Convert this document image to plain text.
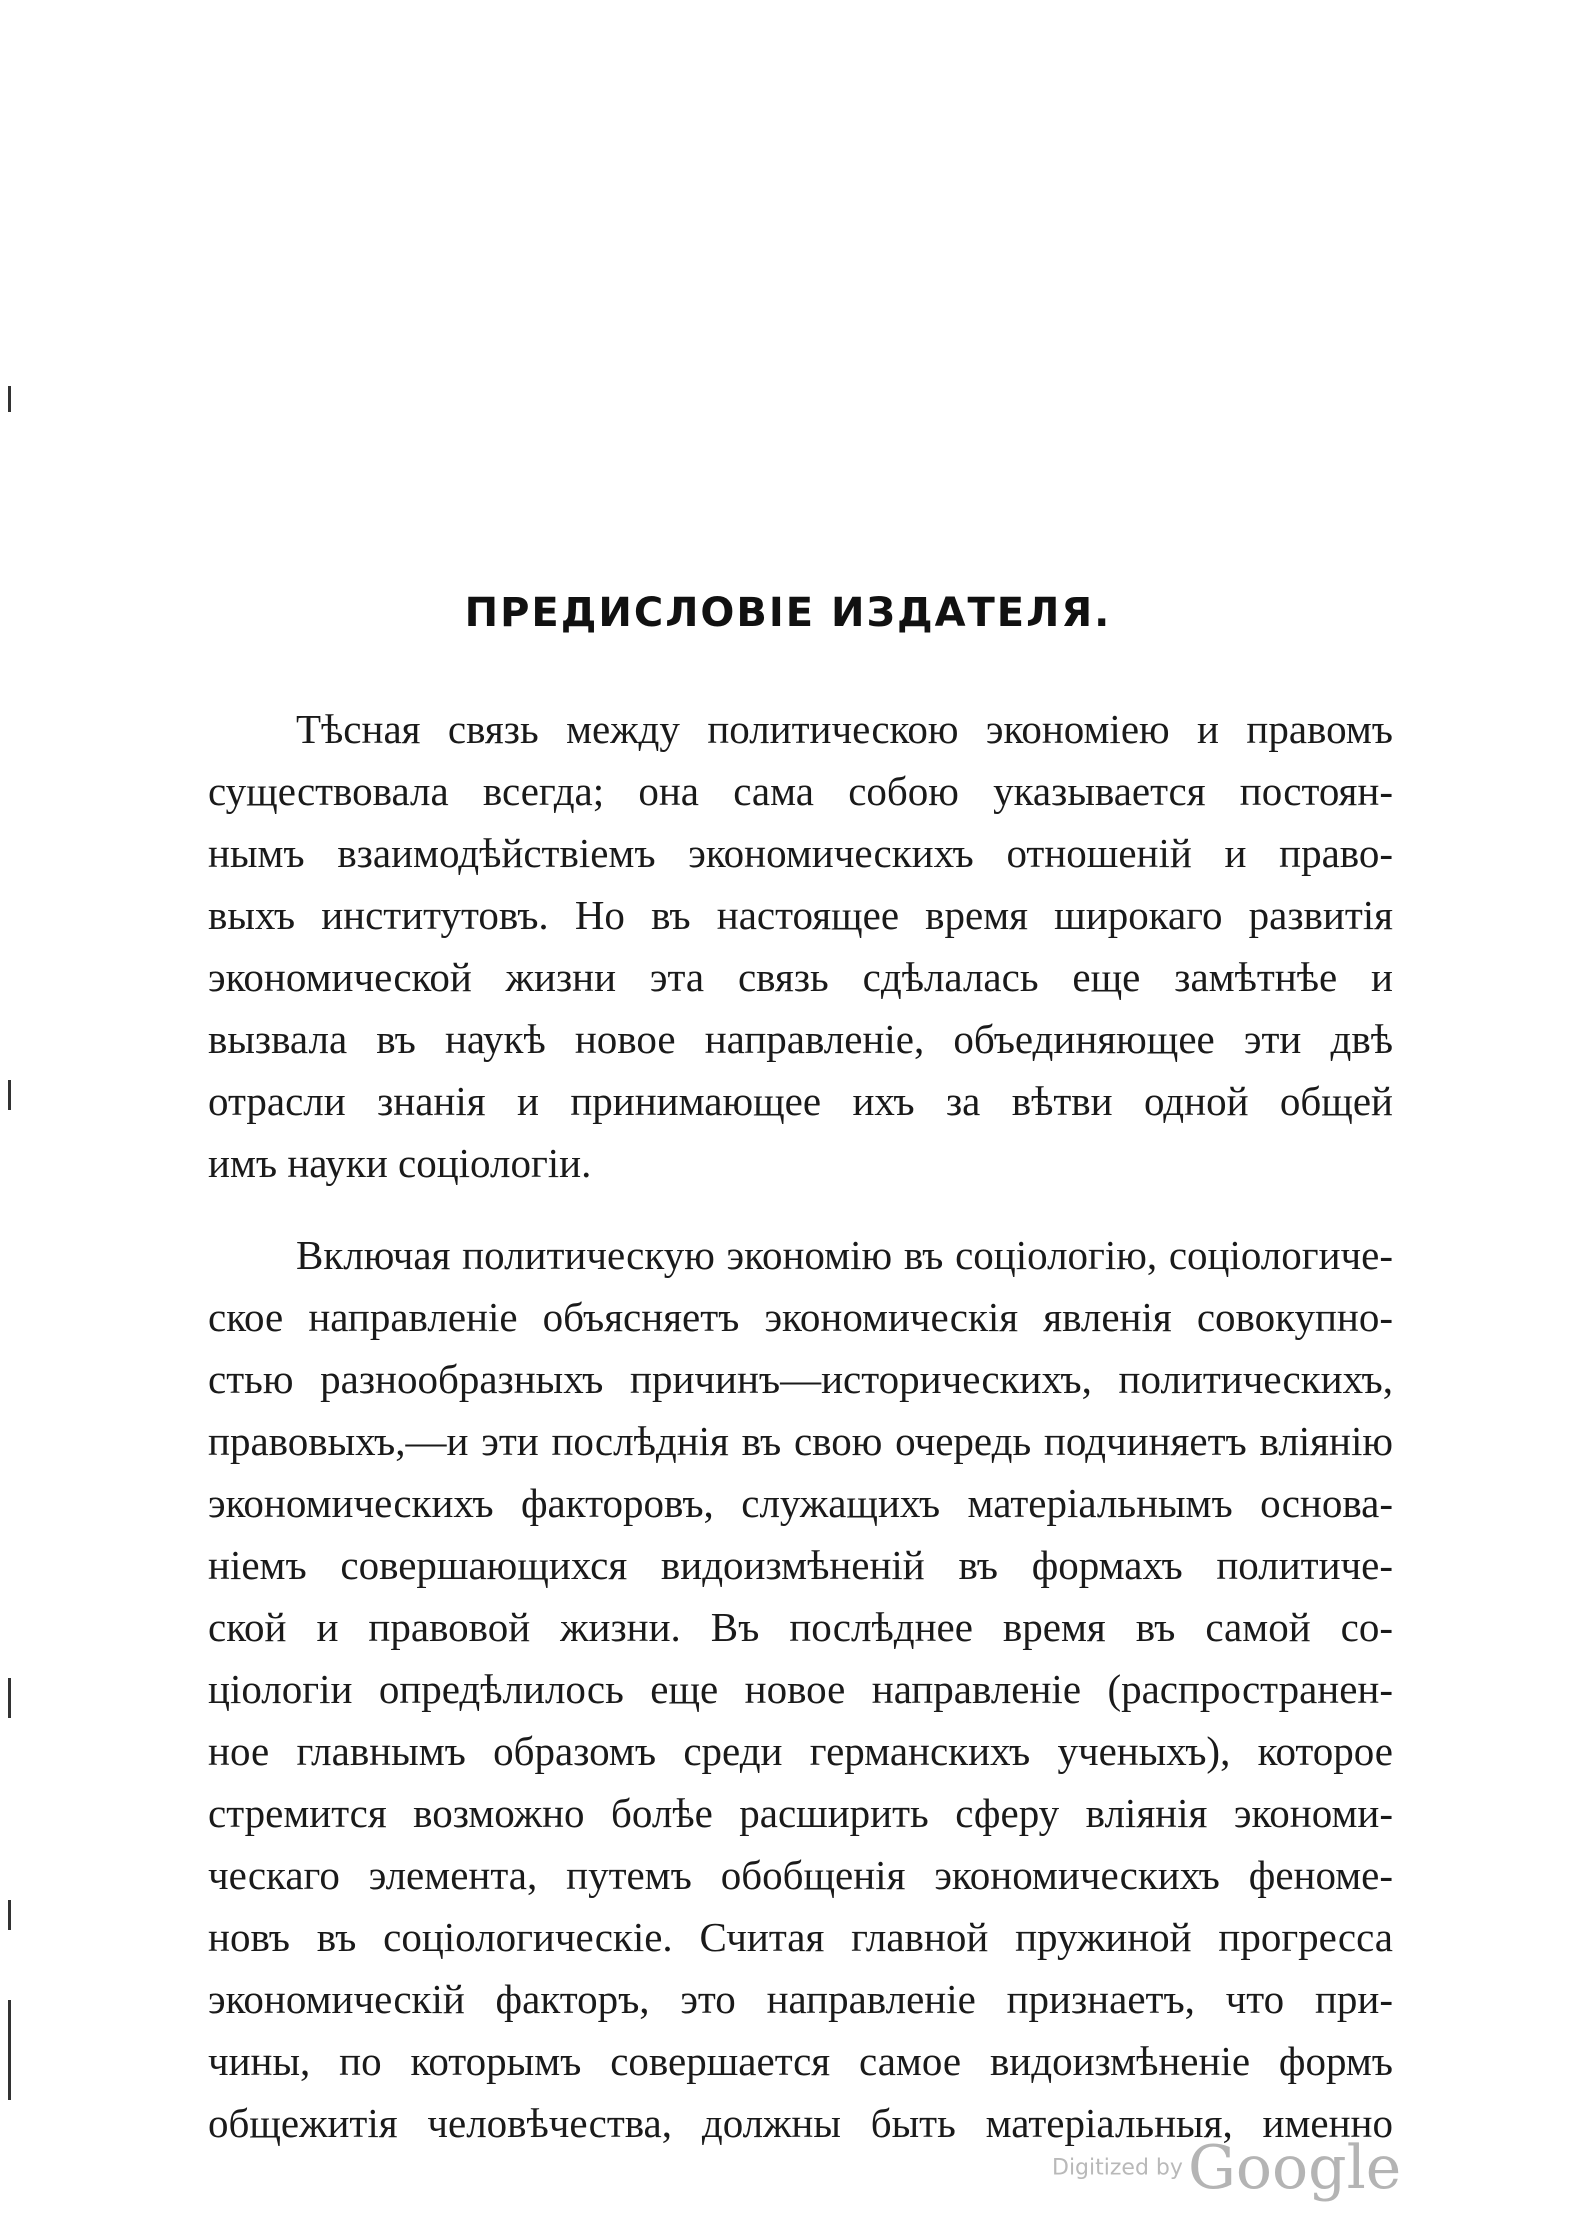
ПРЕДИСЛОВІЕ ИЗДАТЕЛЯ.
Тѣсная связь между политическою экономіею и правомъ
существовала всегда; она сама собою указывается постоян-
нымъ взаимодѣйствіемъ экономическихъ отношеній и право-
выхъ институтовъ. Но въ настоящее время широкаго развитія
экономической жизни эта связь сдѣлалась еще замѣтнѣе и
вызвала въ наукѣ новое направленіе, объединяющее эти двѣ
отрасли знанія и принимающее ихъ за вѣтви одной общей
имъ науки соціологіи.
Включая политическую экономію въ соціологію, соціологиче-
ское направленіе объясняетъ экономическія явленія совокупно-
стью разнообразныхъ причинъ—историческихъ, политическихъ,
правовыхъ,—и эти послѣднія въ свою очередь подчиняетъ вліянію
экономическихъ факторовъ, служащихъ матеріальнымъ основа-
ніемъ совершающихся видоизмѣненій въ формахъ политиче-
ской и правовой жизни. Въ послѣднее время въ самой со-
ціологіи опредѣлилось еще новое направленіе (распространен-
ное главнымъ образомъ среди германскихъ ученыхъ), которое
стремится возможно болѣе расширить сферу вліянія экономи-
ческаго элемента, путемъ обобщенія экономическихъ феноме-
новъ въ соціологическіе. Считая главной пружиной прогресса
экономическій факторъ, это направленіе признаетъ, что при-
чины, по которымъ совершается самое видоизмѣненіе формъ
общежитія человѣчества, должны быть матеріальныя, именно
Digitized by Google
